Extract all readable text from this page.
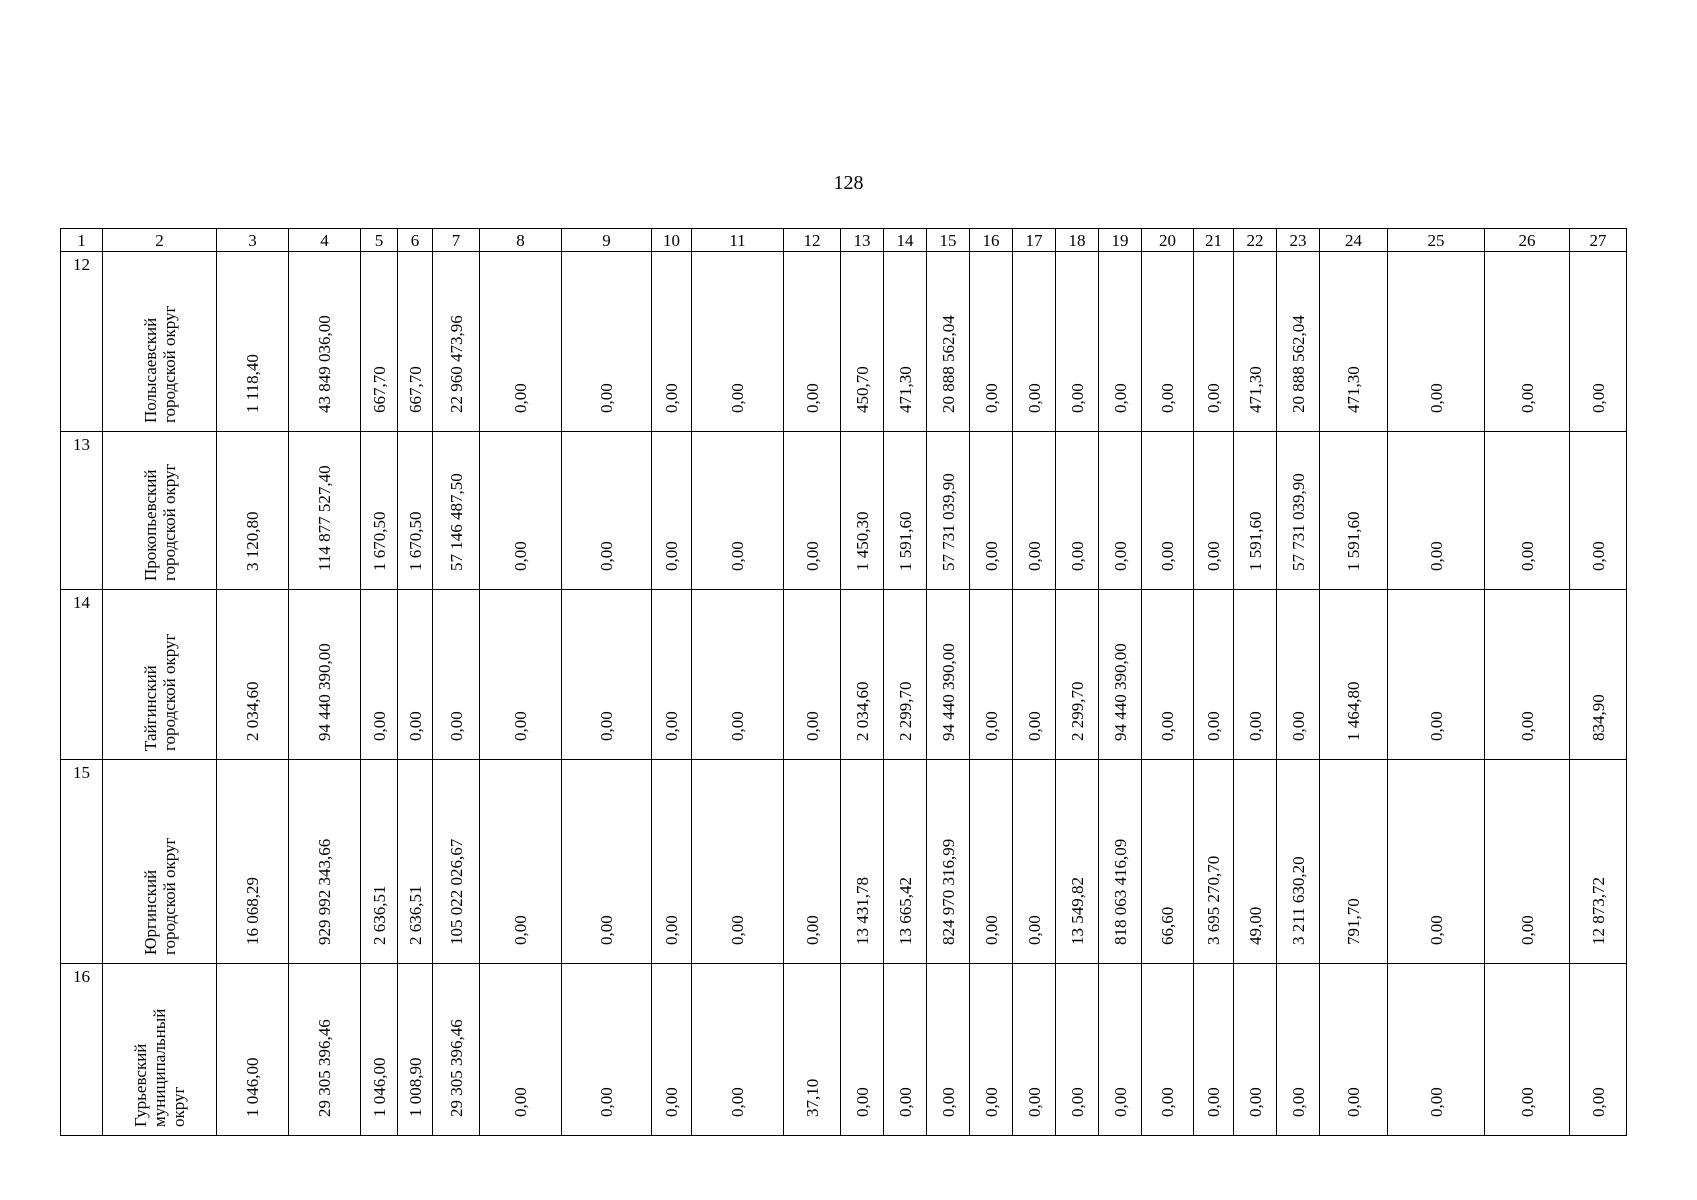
128
1	2	3	4	5	6	7	8	9	10	11	12	13	14	15	16	17	18	19	20	21	22	23	24	25	26	27

12	Полысаевский
городской округ	1 118,40	43 849 036,00	667,70	667,70	22 960 473,96	0,00	0,00	0,00	0,00	0,00	450,70	471,30	20 888 562,04	0,00	0,00	0,00	0,00	0,00	0,00	471,30	20 888 562,04	471,30	0,00	0,00	0,00

13	Прокопьевский
городской округ	3 120,80	114 877 527,40	1 670,50	1 670,50	57 146 487,50	0,00	0,00	0,00	0,00	0,00	1 450,30	1 591,60	57 731 039,90	0,00	0,00	0,00	0,00	0,00	0,00	1 591,60	57 731 039,90	1 591,60	0,00	0,00	0,00

14	Тайгинский
городской округ	2 034,60	94 440 390,00	0,00	0,00	0,00	0,00	0,00	0,00	0,00	0,00	2 034,60	2 299,70	94 440 390,00	0,00	0,00	2 299,70	94 440 390,00	0,00	0,00	0,00	0,00	1 464,80	0,00	0,00	834,90

15	Юргинский
городской округ	16 068,29	929 992 343,66	2 636,51	2 636,51	105 022 026,67	0,00	0,00	0,00	0,00	0,00	13 431,78	13 665,42	824 970 316,99	0,00	0,00	13 549,82	818 063 416,09	66,60	3 695 270,70	49,00	3 211 630,20	791,70	0,00	0,00	12 873,72

16	Гурьевский
муниципальный
округ	1 046,00	29 305 396,46	1 046,00	1 008,90	29 305 396,46	0,00	0,00	0,00	0,00	37,10	0,00	0,00	0,00	0,00	0,00	0,00	0,00	0,00	0,00	0,00	0,00	0,00	0,00	0,00	0,00
